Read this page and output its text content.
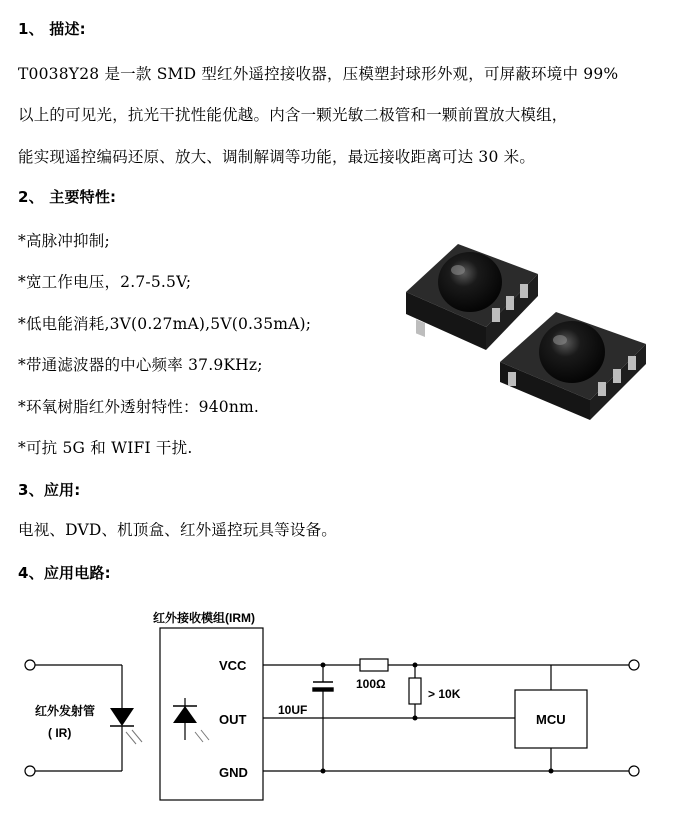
1、 描述:
T0038Y28 是一款 SMD 型红外遥控接收器，压模塑封球形外观，可屏蔽环境中 99%
以上的可见光，抗光干扰性能优越。内含一颗光敏二极管和一颗前置放大模组，
能实现遥控编码还原、放大、调制解调等功能，最远接收距离可达 30 米。
2、 主要特性:
*高脉冲抑制;
*宽工作电压，2.7-5.5V;
*低电能消耗,3V(0.27mA),5V(0.35mA);
*带通滤波器的中心频率 37.9KHz;
*环氧树脂红外透射特性：940nm.
*可抗 5G 和 WIFI 干扰.
3、应用:
电视、DVD、机顶盒、红外遥控玩具等设备。
4、应用电路:
红外接收模组(IRM)
VCC
OUT
GND
红外发射管
( IR)
10UF
100Ω
> 10K
MCU
